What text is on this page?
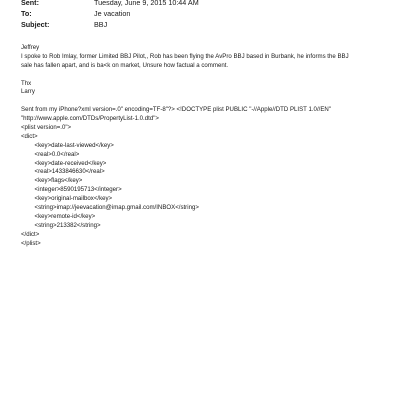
Sent:	Tuesday, June 9, 2015 10:44 AM
To:	Je vacation
Subject:	BBJ
Jeffrey
I spoke to Rob Imlay, former Limited BBJ Pilot,, Rob has been flying the AvPro BBJ based in Burbank, he informs the BBJ
sale has fallen apart, and is ba<k on market, Unsure how factual a comment.
Thx
Larry
Sent from my iPhone?xml version=.0" encoding=TF-8"?> <!DOCTYPE plist PUBLIC "-//Apple//DTD PLIST 1.0//EN"
"http://www.apple.com/DTDs/PropertyList-1.0.dtd">
<plist version=.0">
<dict>
<key>date-last-viewed</key>
<real>0.0</real>
<key>date-received</key>
<real>1433846630</real>
<key>flags</key>
<integer>8590195713</integer>
<key>original-mailbox</key>
<string>imap://jeevacation@imap.gmail.com/INBOX</string>
<key>remote-id</key>
<string>213382</string>
</dict>
</plist>
